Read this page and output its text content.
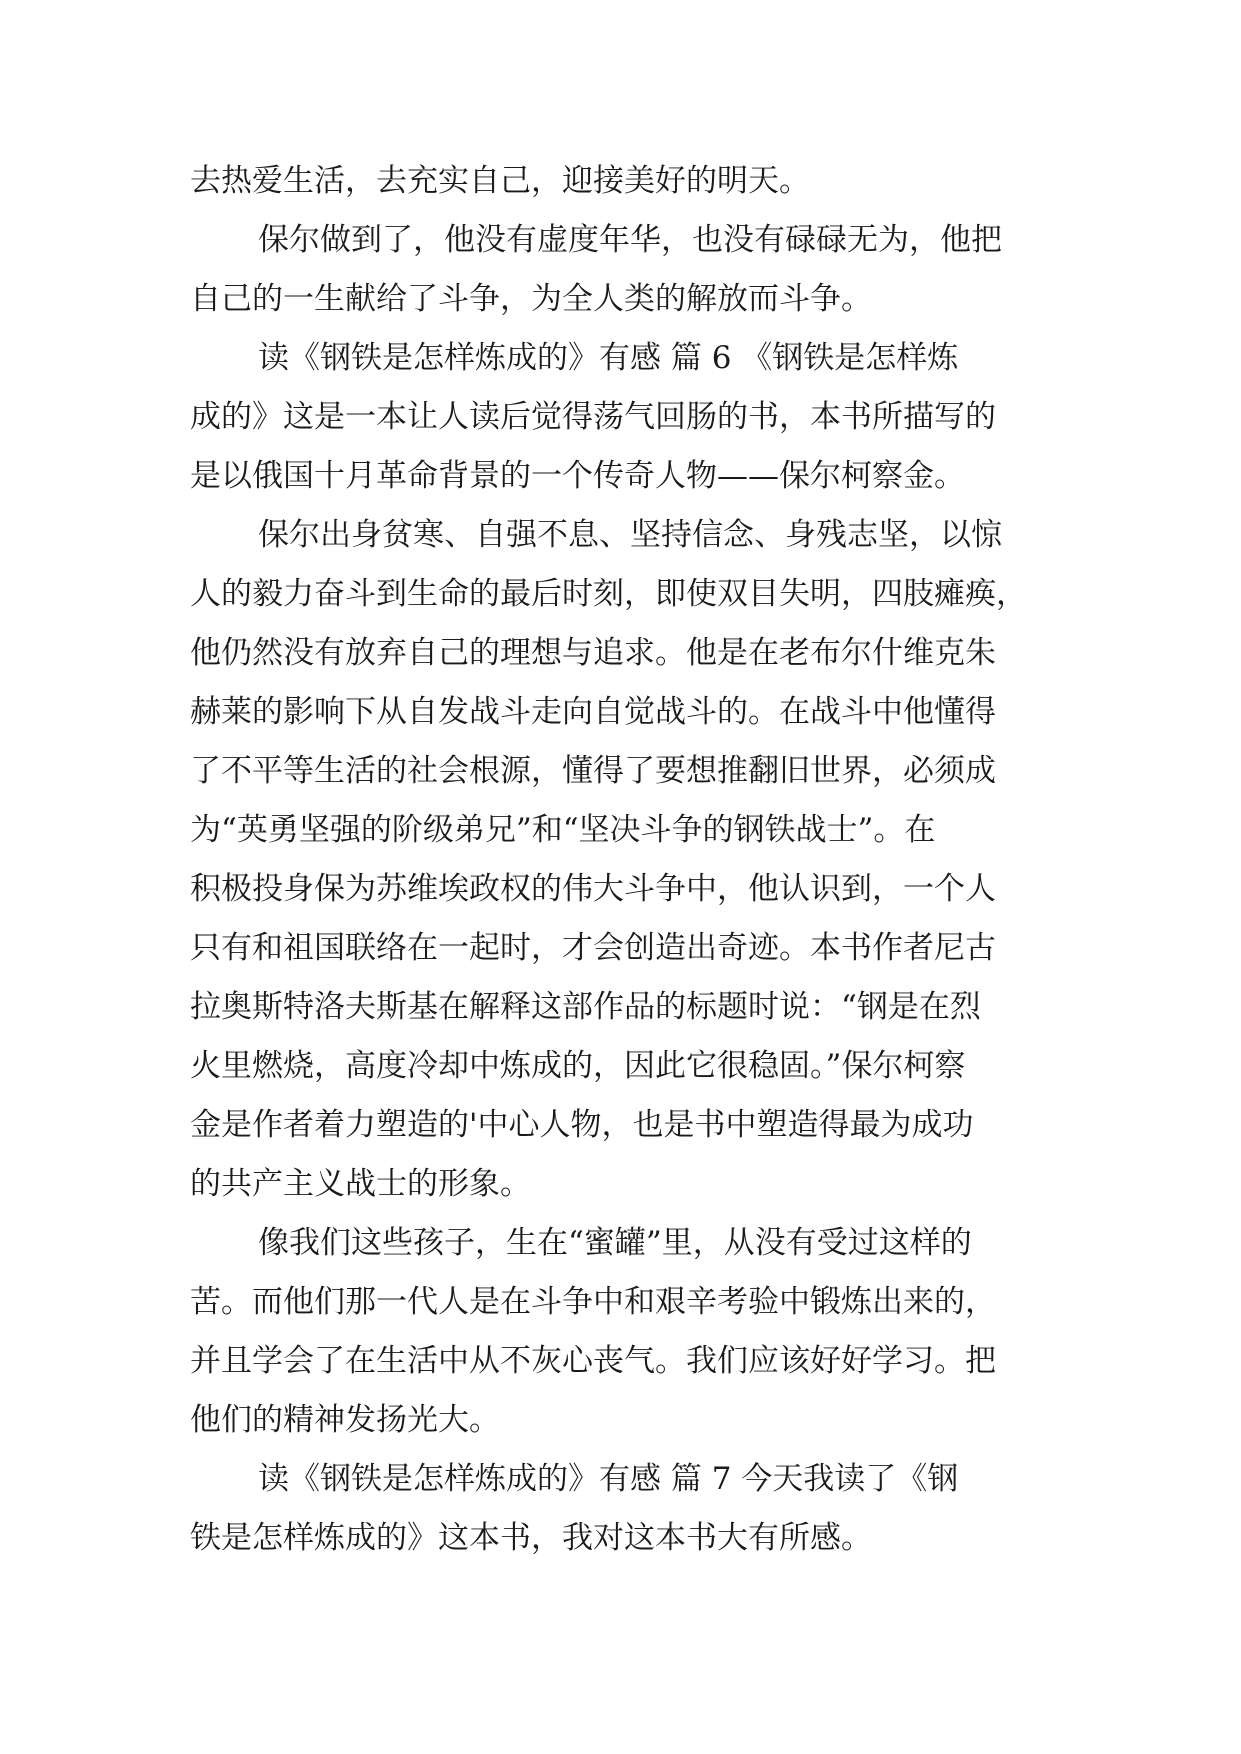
去热爱生活，去充实自己，迎接美好的明天。
保尔做到了，他没有虚度年华，也没有碌碌无为，他把
自己的一生献给了斗争，为全人类的解放而斗争。
读《钢铁是怎样炼成的》有感 篇 6 《钢铁是怎样炼
成的》这是一本让人读后觉得荡气回肠的书，本书所描写的
是以俄国十月革命背景的一个传奇人物——保尔柯察金。
保尔出身贫寒、自强不息、坚持信念、身残志坚，以惊
人的毅力奋斗到生命的最后时刻，即使双目失明，四肢瘫痪，
他仍然没有放弃自己的理想与追求。他是在老布尔什维克朱
赫莱的影响下从自发战斗走向自觉战斗的。在战斗中他懂得
了不平等生活的社会根源，懂得了要想推翻旧世界，必须成
为“英勇坚强的阶级弟兄”和“坚决斗争的钢铁战士”。在
积极投身保为苏维埃政权的伟大斗争中，他认识到，一个人
只有和祖国联络在一起时，才会创造出奇迹。本书作者尼古
拉奥斯特洛夫斯基在解释这部作品的标题时说：“钢是在烈
火里燃烧，高度冷却中炼成的，因此它很稳固。”保尔柯察
金是作者着力塑造的'中心人物，也是书中塑造得最为成功
的共产主义战士的形象。
像我们这些孩子，生在“蜜罐”里，从没有受过这样的
苦。而他们那一代人是在斗争中和艰辛考验中锻炼出来的，
并且学会了在生活中从不灰心丧气。我们应该好好学习。把
他们的精神发扬光大。
读《钢铁是怎样炼成的》有感 篇 7 今天我读了《钢
铁是怎样炼成的》这本书，我对这本书大有所感。
